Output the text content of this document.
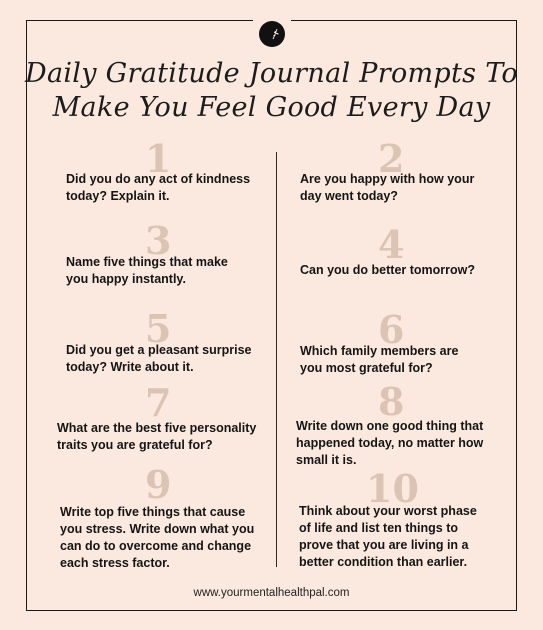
Daily Gratitude Journal Prompts To
Make You Feel Good Every Day
1
Did you do any act of kindness today? Explain it.
3
Name five things that make you happy instantly.
5
Did you get a pleasant surprise today? Write about it.
7
What are the best five personality traits you are grateful for?
9
Write top five things that cause you stress. Write down what you can do to overcome and change each stress factor.
2
Are you happy with how your day went today?
4
Can you do better tomorrow?
6
Which family members are you most grateful for?
8
Write down one good thing that happened today, no matter how small it is.
10
Think about your worst phase of life and list ten things to prove that you are living in a better condition than earlier.
www.yourmentalhealthpal.com
